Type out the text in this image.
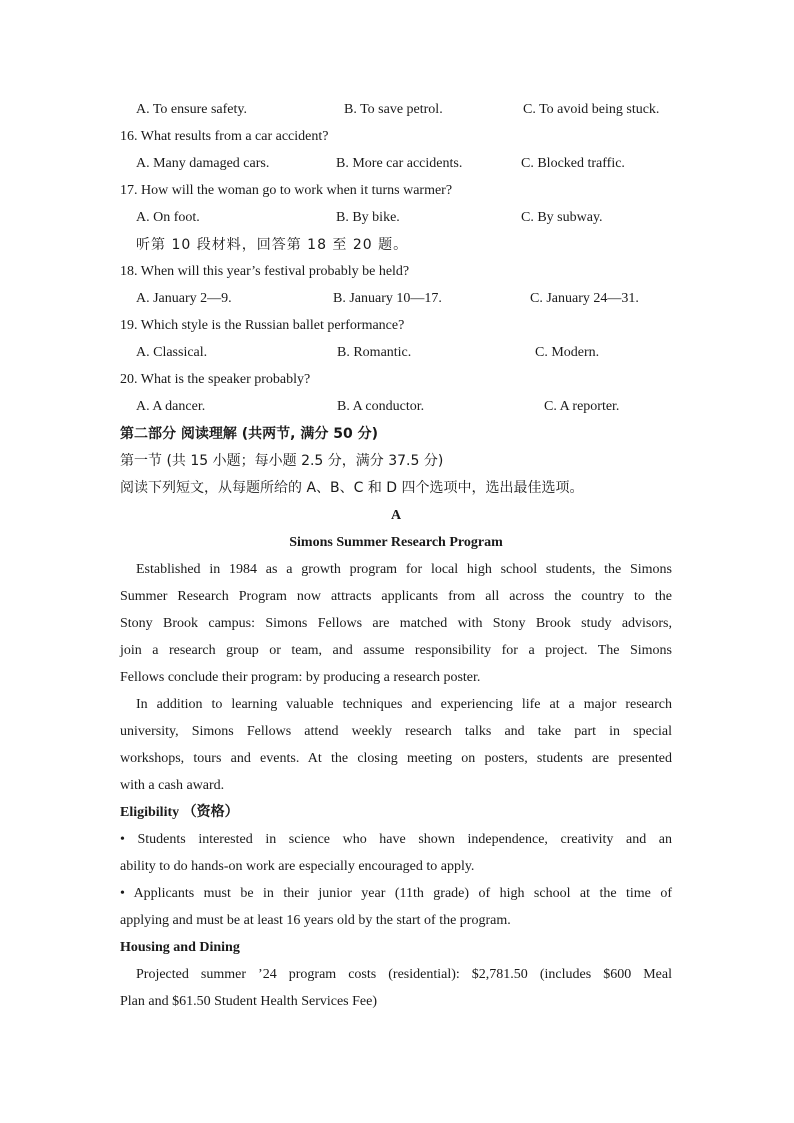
A. To ensure safety.	B. To save petrol.	C. To avoid being stuck.
16. What results from a car accident?
A. Many damaged cars.	B. More car accidents.	C. Blocked traffic.
17. How will the woman go to work when it turns warmer?
A. On foot.	B. By bike.	C. By subway.
听第 10 段材料，回答第 18 至 20 题。
18. When will this year’s festival probably be held?
A. January 2—9.	B. January 10—17.	C. January 24—31.
19. Which style is the Russian ballet performance?
A. Classical.	B. Romantic.	C. Modern.
20. What is the speaker probably?
A. A dancer.	B. A conductor.	C. A reporter.
第二部分 阅读理解 (共两节, 满分 50 分)
第一节 (共 15 小题；每小题 2.5 分，满分 37.5 分)
阅读下列短文，从每题所给的 A、B、C 和 D 四个选项中，选出最佳选项。
A
Simons Summer Research Program
Established in 1984 as a growth program for local high school students, the Simons
Summer Research Program now attracts applicants from all across the country to the
Stony Brook campus: Simons Fellows are matched with Stony Brook study advisors,
join a research group or team, and assume responsibility for a project. The Simons
Fellows conclude their program: by producing a research poster.
In addition to learning valuable techniques and experiencing life at a major research
university, Simons Fellows attend weekly research talks and take part in special
workshops, tours and events. At the closing meeting on posters, students are presented
with a cash award.
Eligibility （资格）
• Students interested in science who have shown independence, creativity and an
ability to do hands-on work are especially encouraged to apply.
• Applicants must be in their junior year (11th grade) of high school at the time of
applying and must be at least 16 years old by the start of the program.
Housing and Dining
Projected summer ’24 program costs (residential): $2,781.50 (includes $600 Meal
Plan and $61.50 Student Health Services Fee)
